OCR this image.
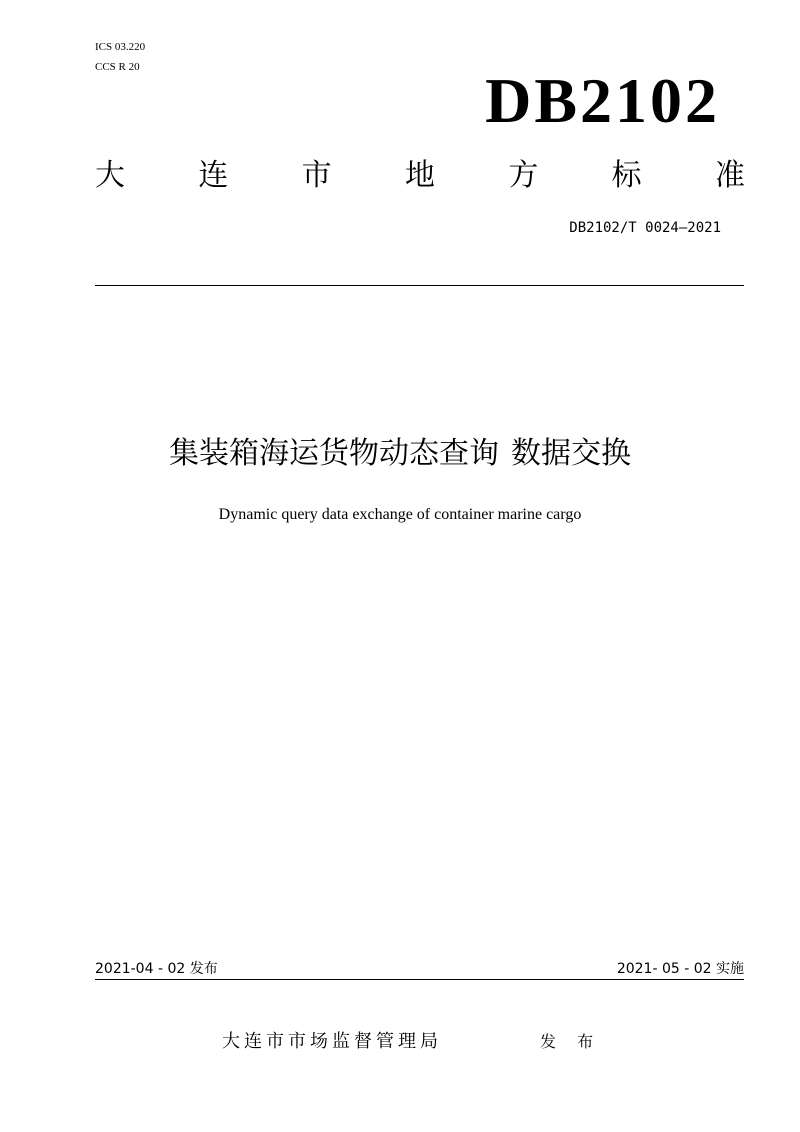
ICS 03.220
CCS R 20	DB2102
大 连 市 地 方 标 准
DB2102/T 0024—2021
集装箱海运货物动态查询 数据交换
Dynamic query data exchange of container marine cargo
2021-04 - 02 发布	2021- 05 - 02 实施
大连市市场监督管理局	发 布
